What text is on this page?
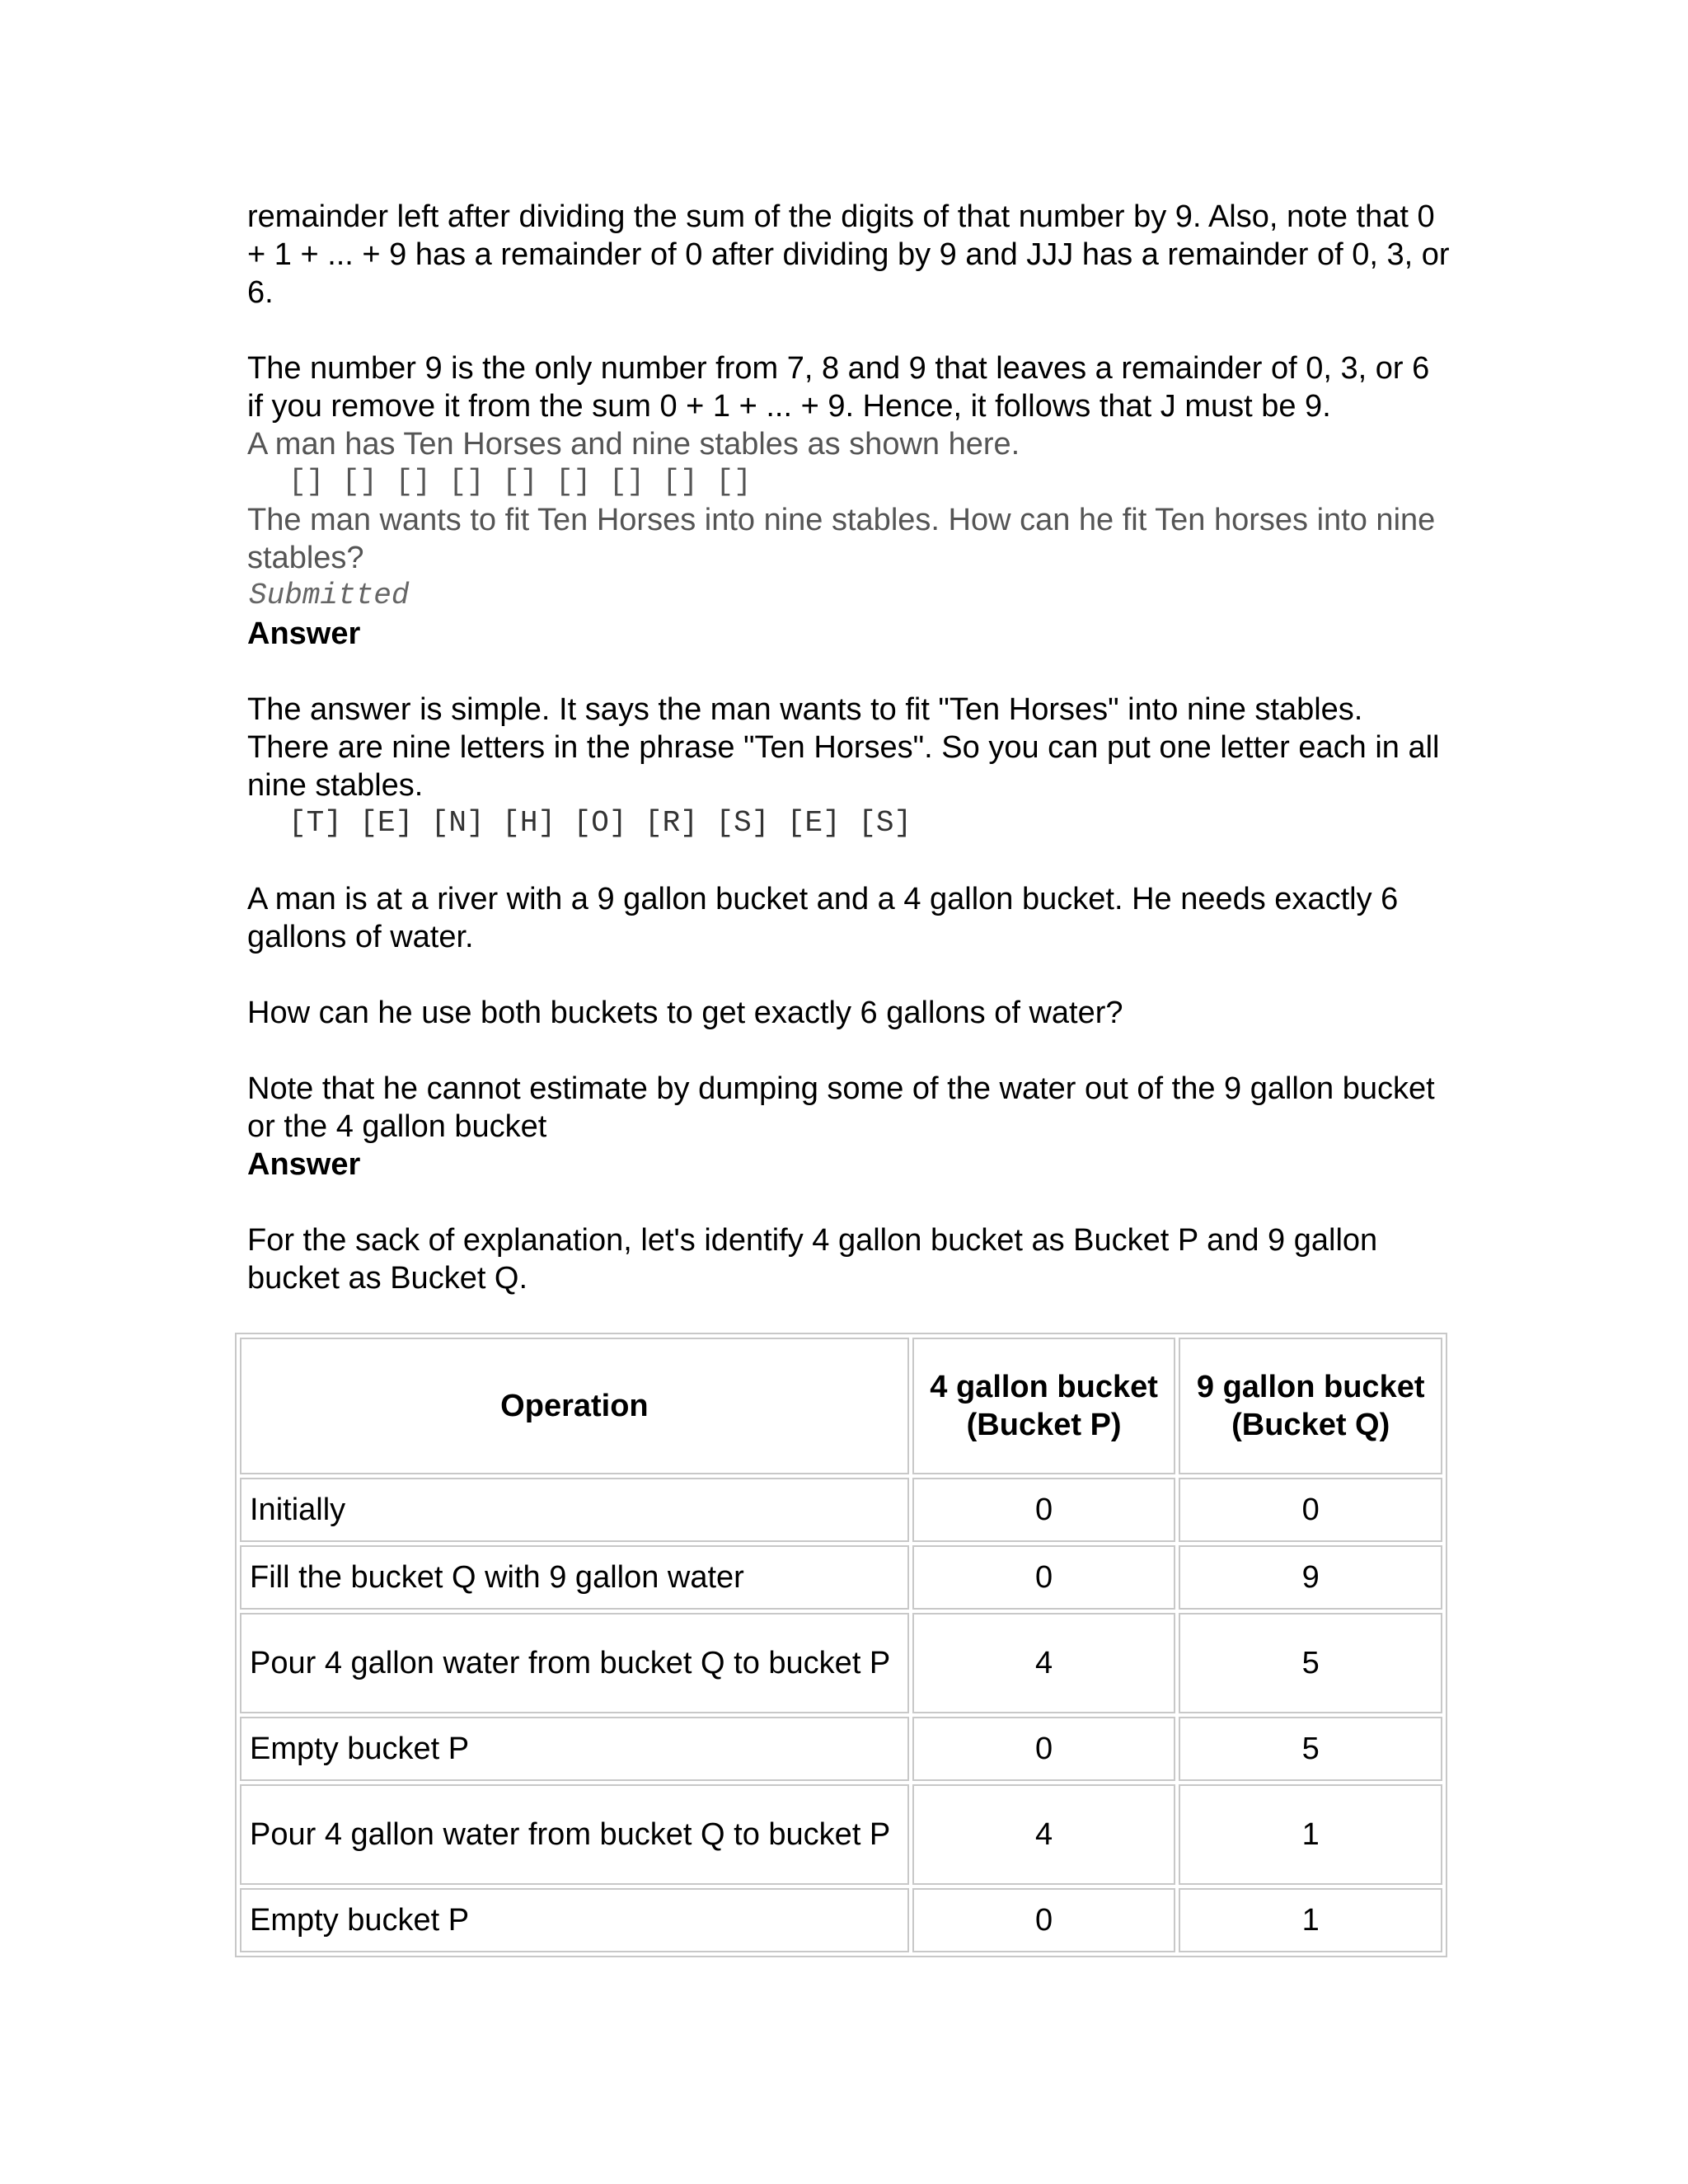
remainder left after dividing the sum of the digits of that number by 9. Also, note that 0 + 1 + ... + 9 has a remainder of 0 after dividing by 9 and JJJ has a remainder of 0, 3, or 6.

The number 9 is the only number from 7, 8 and 9 that leaves a remainder of 0, 3, or 6 if you remove it from the sum 0 + 1 + ... + 9. Hence, it follows that J must be 9.

A man has Ten Horses and nine stables as shown here.

[] [] [] [] [] [] [] [] []

The man wants to fit Ten Horses into nine stables. How can he fit Ten horses into nine stables?

Submitted
Answer

The answer is simple. It says the man wants to fit "Ten Horses" into nine stables. There are nine letters in the phrase "Ten Horses". So you can put one letter each in all nine stables.

[T] [E] [N] [H] [O] [R] [S] [E] [S]

A man is at a river with a 9 gallon bucket and a 4 gallon bucket. He needs exactly 6 gallons of water.

How can he use both buckets to get exactly 6 gallons of water?

Note that he cannot estimate by dumping some of the water out of the 9 gallon bucket or the 4 gallon bucket

Answer

For the sack of explanation, let's identify 4 gallon bucket as Bucket P and 9 gallon bucket as Bucket Q.

Operation	4 gallon bucket (Bucket P)	9 gallon bucket (Bucket Q)
Initially	0	0
Fill the bucket Q with 9 gallon water	0	9
Pour 4 gallon water from bucket Q to bucket P	4	5
Empty bucket P	0	5
Pour 4 gallon water from bucket Q to bucket P	4	1
Empty bucket P	0	1
